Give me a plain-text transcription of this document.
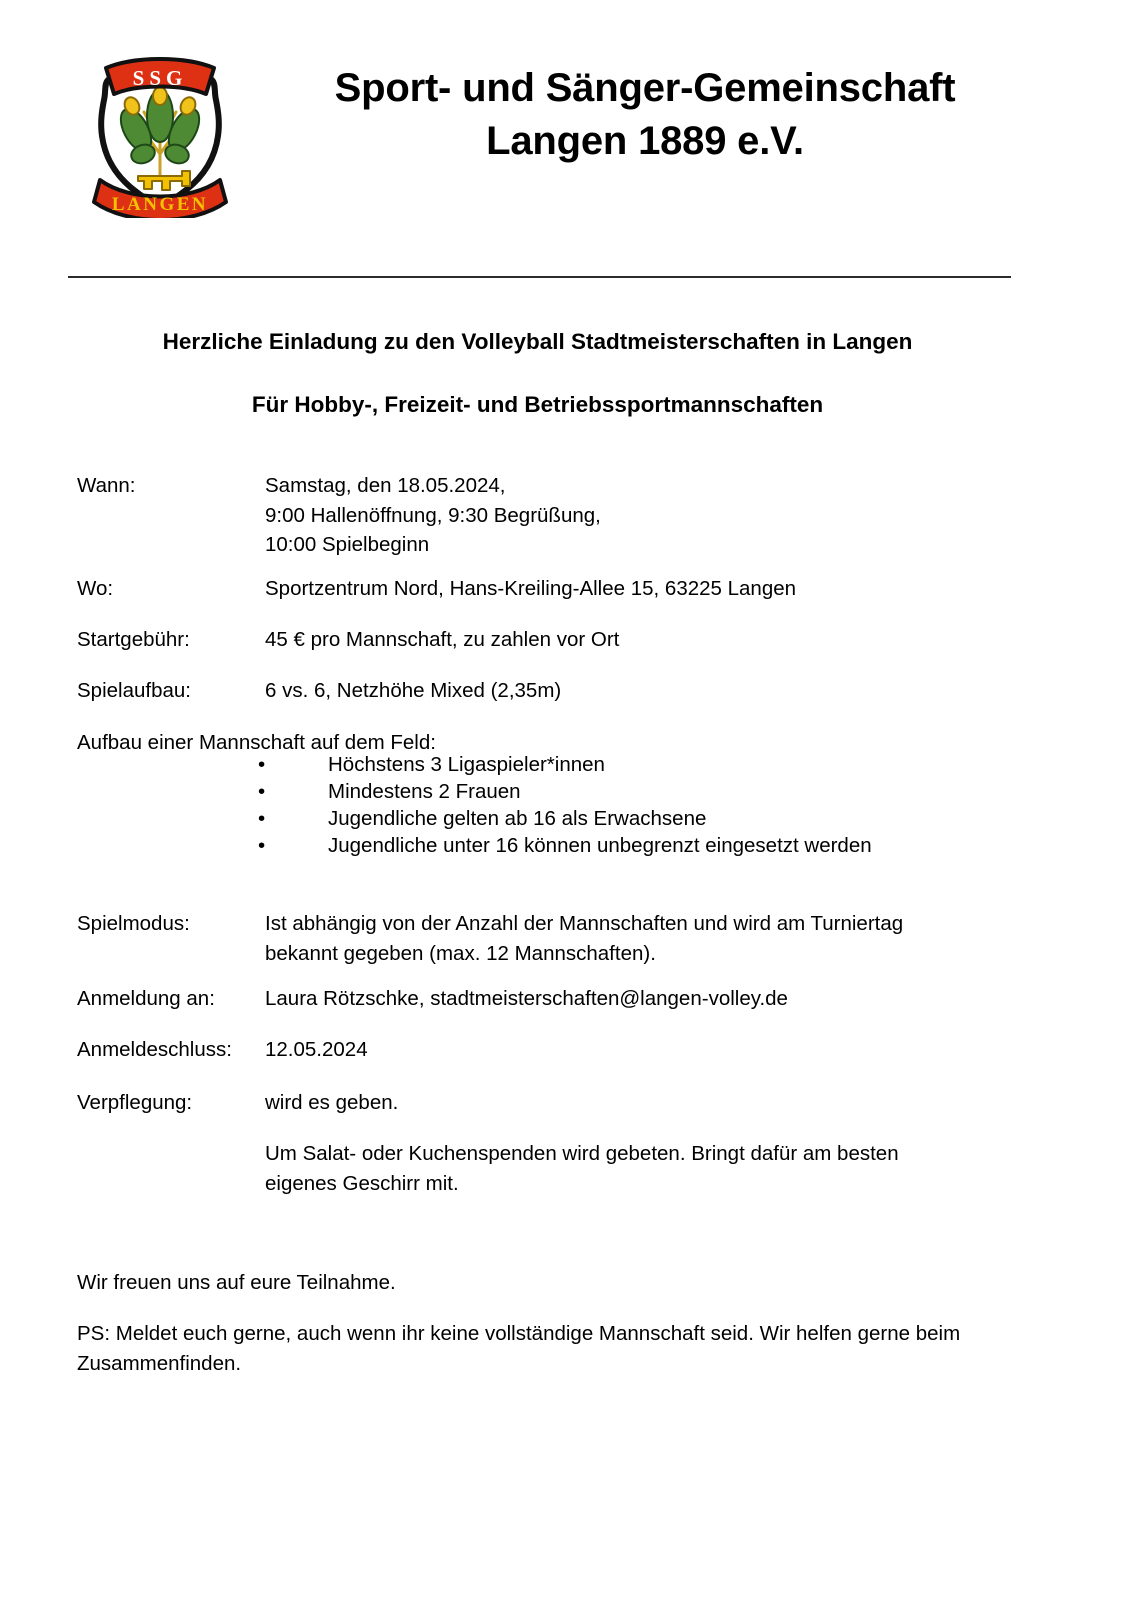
SSG
LANGEN
Sport- und Sänger-Gemeinschaft
Langen 1889 e.V.
Herzliche Einladung zu den Volleyball Stadtmeisterschaften in Langen
Für Hobby-, Freizeit- und Betriebssportmannschaften
Wann:	Samstag, den 18.05.2024,
9:00 Hallenöffnung, 9:30 Begrüßung,
10:00 Spielbeginn
Wo:	Sportzentrum Nord, Hans-Kreiling-Allee 15, 63225 Langen
Startgebühr:	45 € pro Mannschaft, zu zahlen vor Ort
Spielaufbau:	6 vs. 6, Netzhöhe Mixed (2,35m)
Aufbau einer Mannschaft auf dem Feld:
•	Höchstens 3 Ligaspieler*innen
•	Mindestens 2 Frauen
•	Jugendliche gelten ab 16 als Erwachsene
•	Jugendliche unter 16 können unbegrenzt eingesetzt werden
Spielmodus:	Ist abhängig von der Anzahl der Mannschaften und wird am Turniertag
bekannt gegeben (max. 12 Mannschaften).
Anmeldung an: Laura Rötzschke, stadtmeisterschaften@langen-volley.de
Anmeldeschluss: 12.05.2024
Verpflegung:	wird es geben.
Um Salat- oder Kuchenspenden wird gebeten. Bringt dafür am besten
eigenes Geschirr mit.
Wir freuen uns auf eure Teilnahme.
PS: Meldet euch gerne, auch wenn ihr keine vollständige Mannschaft seid. Wir helfen gerne beim Zusammenfinden.
